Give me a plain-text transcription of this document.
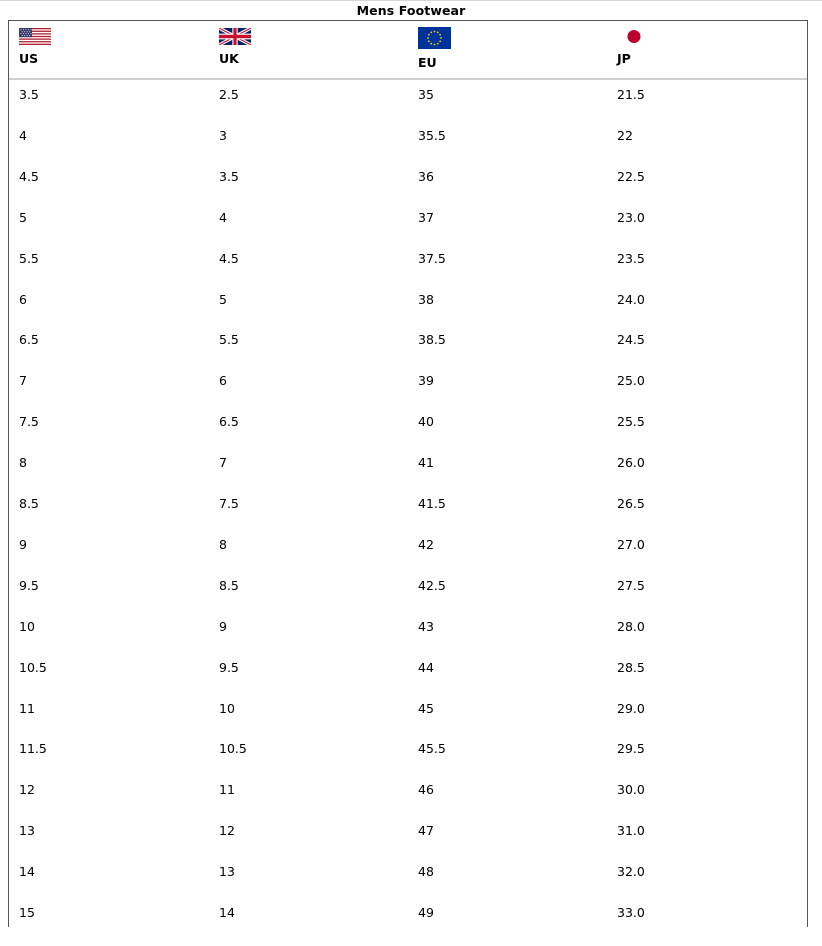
Mens Footwear
US	UK	EU	JP
3.5	2.5	35	21.5
4	3	35.5	22
4.5	3.5	36	22.5
5	4	37	23.0
5.5	4.5	37.5	23.5
6	5	38	24.0
6.5	5.5	38.5	24.5
7	6	39	25.0
7.5	6.5	40	25.5
8	7	41	26.0
8.5	7.5	41.5	26.5
9	8	42	27.0
9.5	8.5	42.5	27.5
10	9	43	28.0
10.5	9.5	44	28.5
11	10	45	29.0
11.5	10.5	45.5	29.5
12	11	46	30.0
13	12	47	31.0
14	13	48	32.0
15	14	49	33.0
